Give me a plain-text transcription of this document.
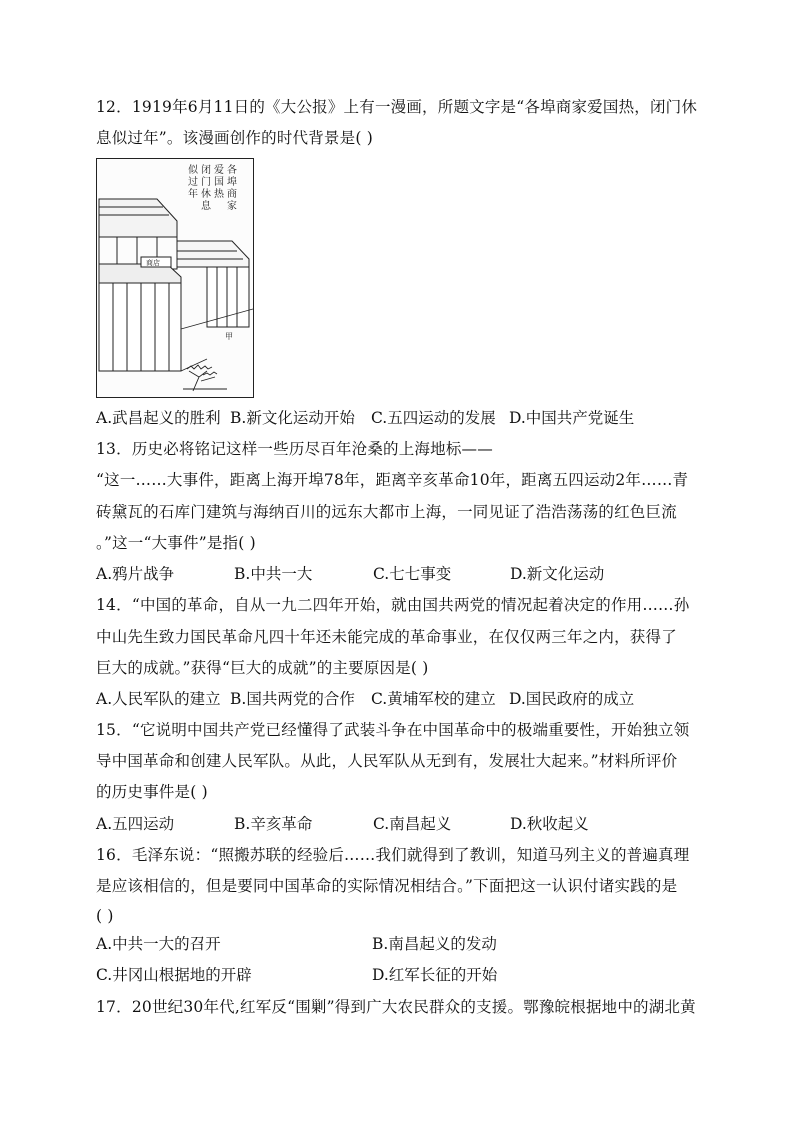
12．1919年6月11日的《大公报》上有一漫画，所题文字是“各埠商家爱国热，闭门休
息似过年”。该漫画创作的时代背景是( )
各
埠
商
家
爱
国
热
闭
门
休
息
似
过
年
商店
甲
A.武昌起义的胜利 B.新文化运动开始 C.五四运动的发展 D.中国共产党诞生
13．历史必将铭记这样一些历尽百年沧桑的上海地标——
“这一……大事件，距离上海开埠78年，距离辛亥革命10年，距离五四运动2年……青
砖黛瓦的石库门建筑与海纳百川的远东大都市上海，一同见证了浩浩荡荡的红色巨流
。”这一“大事件”是指( )
A.鸦片战争	B.中共一大	C.七七事变	D.新文化运动
14．“中国的革命，自从一九二四年开始，就由国共两党的情况起着决定的作用……孙
中山先生致力国民革命凡四十年还未能完成的革命事业，在仅仅两三年之内，获得了
巨大的成就。”获得“巨大的成就”的主要原因是( )
A.人民军队的建立 B.国共两党的合作 C.黄埔军校的建立 D.国民政府的成立
15．“它说明中国共产党已经懂得了武装斗争在中国革命中的极端重要性，开始独立领
导中国革命和创建人民军队。从此，人民军队从无到有，发展壮大起来。”材料所评价
的历史事件是( )
A.五四运动	B.辛亥革命	C.南昌起义	D.秋收起义
16．毛泽东说：“照搬苏联的经验后……我们就得到了教训，知道马列主义的普遍真理
是应该相信的，但是要同中国革命的实际情况相结合。”下面把这一认识付诸实践的是
( )
A.中共一大的召开	B.南昌起义的发动
C.井冈山根据地的开辟	D.红军长征的开始
17．20世纪30年代,红军反“围剿”得到广大农民群众的支援。鄂豫皖根据地中的湖北黄
